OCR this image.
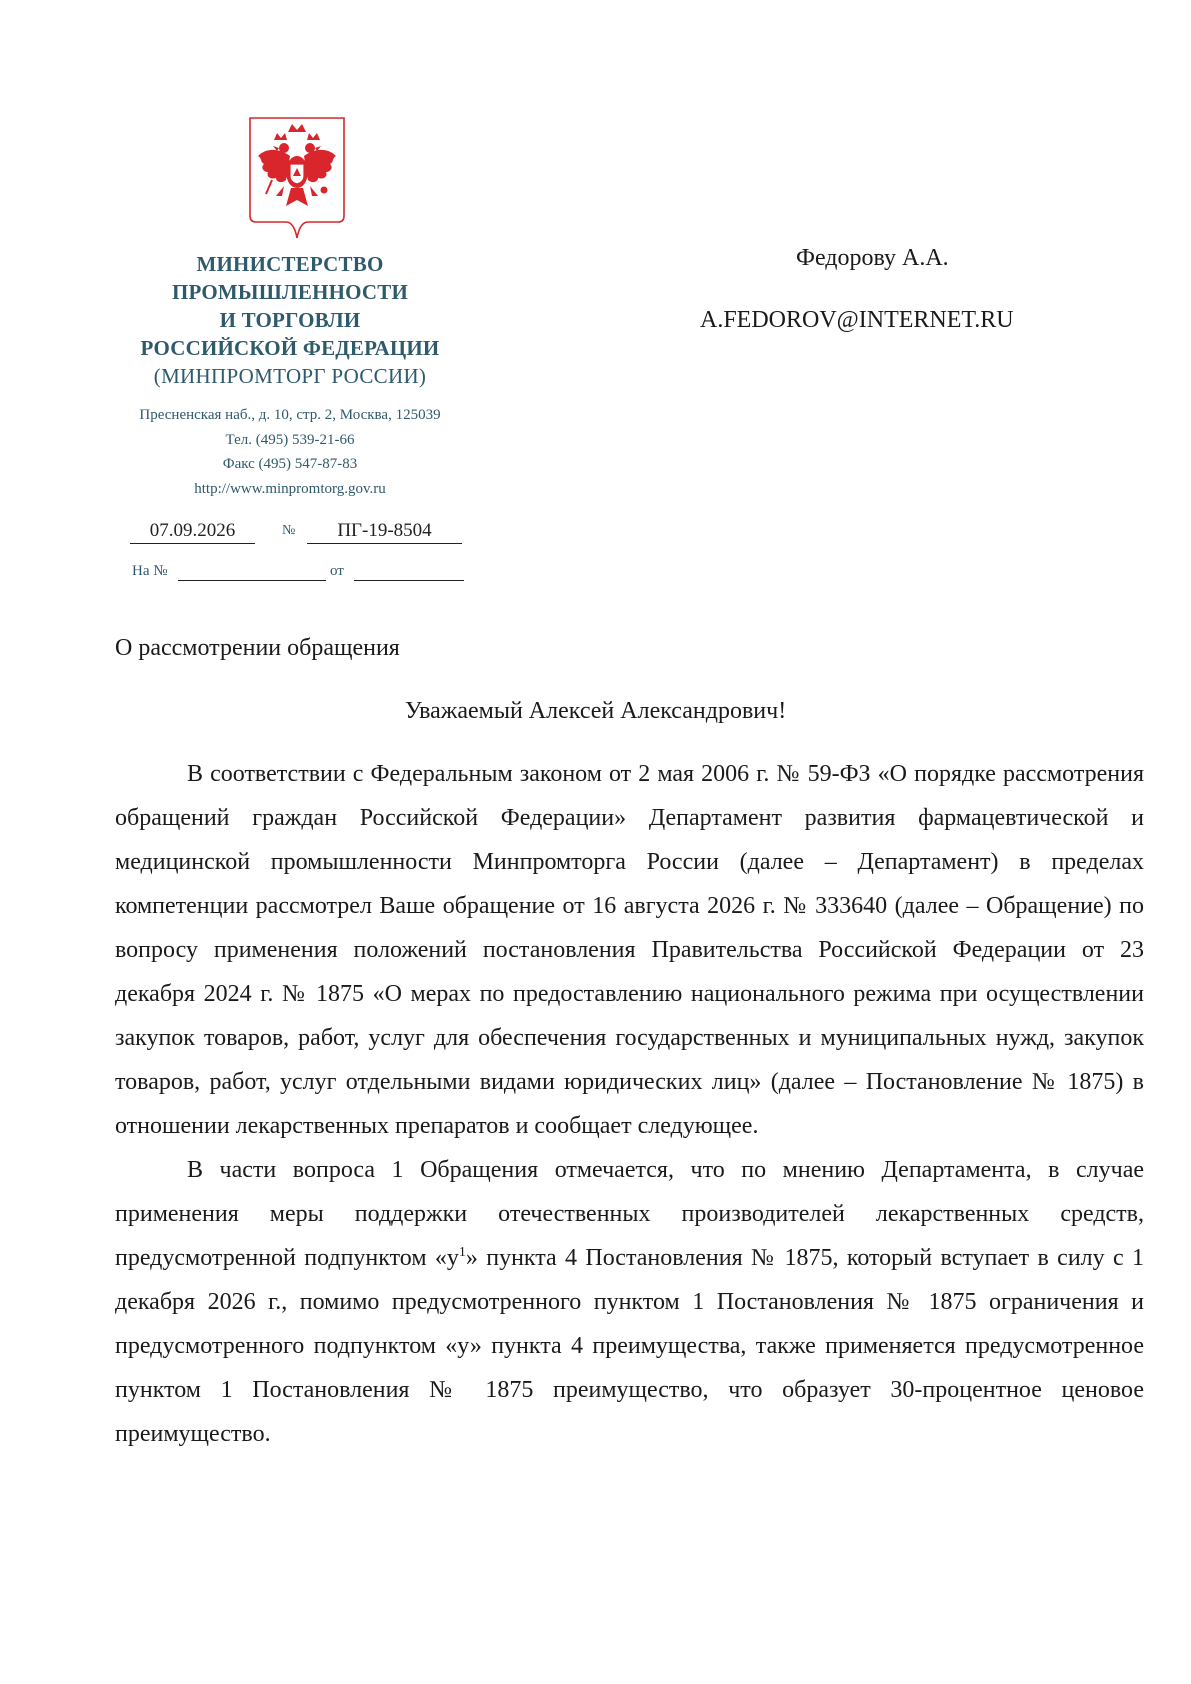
МИНИСТЕРСТВО
ПРОМЫШЛЕННОСТИ
И ТОРГОВЛИ
РОССИЙСКОЙ ФЕДЕРАЦИИ
(МИНПРОМТОРГ РОССИИ)
Пресненская наб., д. 10, стр. 2, Москва, 125039
Тел. (495) 539-21-66
Факс (495) 547-87-83
http://www.minpromtorg.gov.ru
07.09.2026	№	ПГ-19-8504
На №	от
Федорову А.А.
A.FEDOROV@INTERNET.RU
О рассмотрении обращения
Уважаемый Алексей Александрович!

В соответствии с Федеральным законом от 2 мая 2006 г. № 59-ФЗ «О порядке рассмотрения обращений граждан Российской Федерации» Департамент развития фармацевтической и медицинской промышленности Минпромторга России (далее – Департамент) в пределах компетенции рассмотрел Ваше обращение от 16 августа 2026 г. № 333640 (далее – Обращение) по вопросу применения положений постановления Правительства Российской Федерации от 23 декабря 2024 г. № 1875 «О мерах по предоставлению национального режима при осуществлении закупок товаров, работ, услуг для обеспечения государственных и муниципальных нужд, закупок товаров, работ, услуг отдельными видами юридических лиц» (далее – Постановление № 1875) в отношении лекарственных препаратов и сообщает следующее.

В части вопроса 1 Обращения отмечается, что по мнению Департамента, в случае применения меры поддержки отечественных производителей лекарственных средств, предусмотренной подпунктом «$у^1$» пункта 4 Постановления № 1875, который вступает в силу с 1 декабря 2026 г., помимо предусмотренного пунктом 1 Постановления № 1875 ограничения и предусмотренного подпунктом «у» пункта 4 преимущества, также применяется предусмотренное пунктом 1 Постановления № 1875 преимущество, что образует 30-процентное ценовое преимущество.
